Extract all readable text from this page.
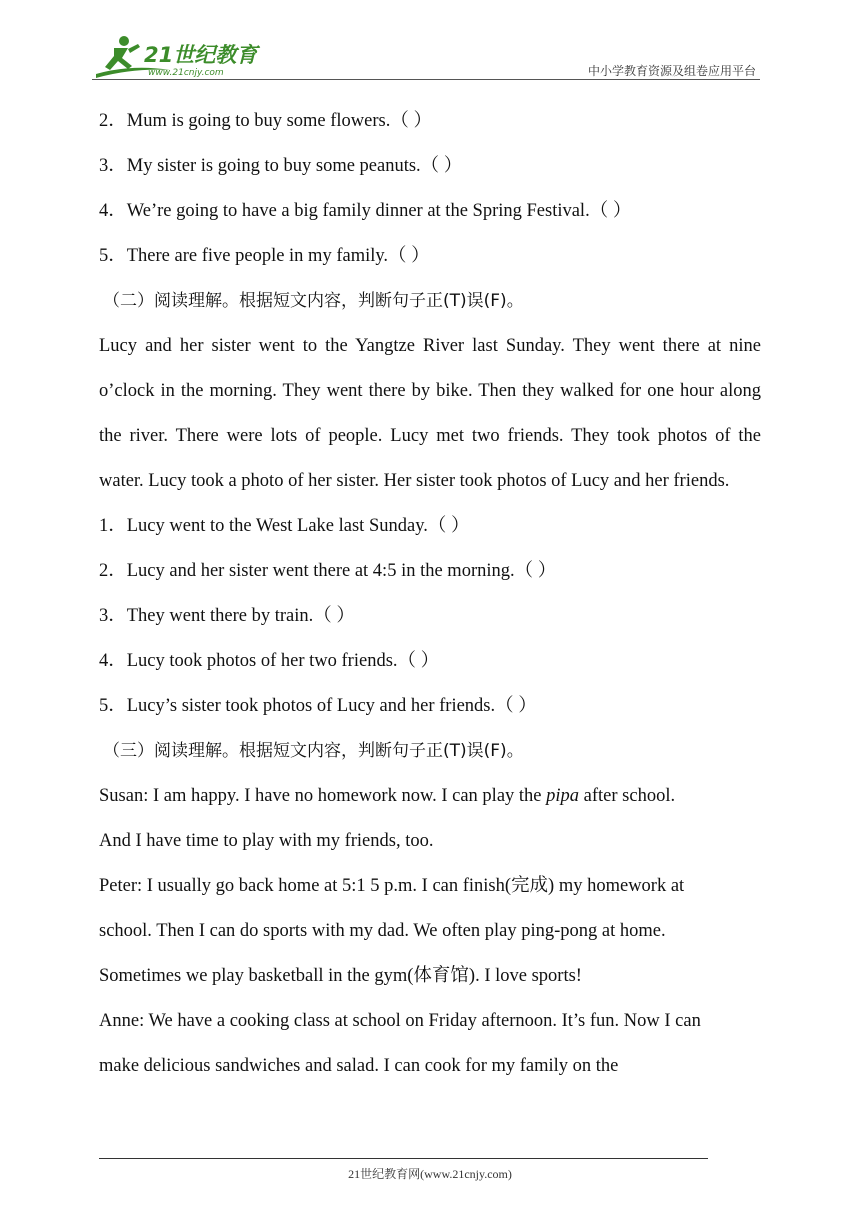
21世纪教育
www.21cnjy.com	中小学教育资源及组卷应用平台
2．Mum is going to buy some flowers.（ ）
3．My sister is going to buy some peanuts.（ ）
4．We’re going to have a big family dinner at the Spring Festival.（ ）
5．There are five people in my family.（ ）
（二）阅读理解。根据短文内容，判断句子正(T)误(F)。
Lucy and her sister went to the Yangtze River last Sunday. They went there at nine o’clock in the morning. They went there by bike. Then they walked for one hour along the river. There were lots of people. Lucy met two friends. They took photos of the water. Lucy took a photo of her sister. Her sister took photos of Lucy and her friends.
1．Lucy went to the West Lake last Sunday.（ ）
2．Lucy and her sister went there at 4:5 in the morning.（ ）
3．They went there by train.（ ）
4．Lucy took photos of her two friends.（ ）
5．Lucy’s sister took photos of Lucy and her friends.（ ）
（三）阅读理解。根据短文内容，判断句子正(T)误(F)。
Susan: I am happy. I have no homework now. I can play the pipa after school.
And I have time to play with my friends, too.
Peter: I usually go back home at 5:1 5 p.m. I can finish(完成) my homework at
school. Then I can do sports with my dad. We often play ping-pong at home.
Sometimes we play basketball in the gym(体育馆). I love sports!
Anne: We have a cooking class at school on Friday afternoon. It’s fun. Now I can
make delicious sandwiches and salad. I can cook for my family on the
21世纪教育网(www.21cnjy.com)
